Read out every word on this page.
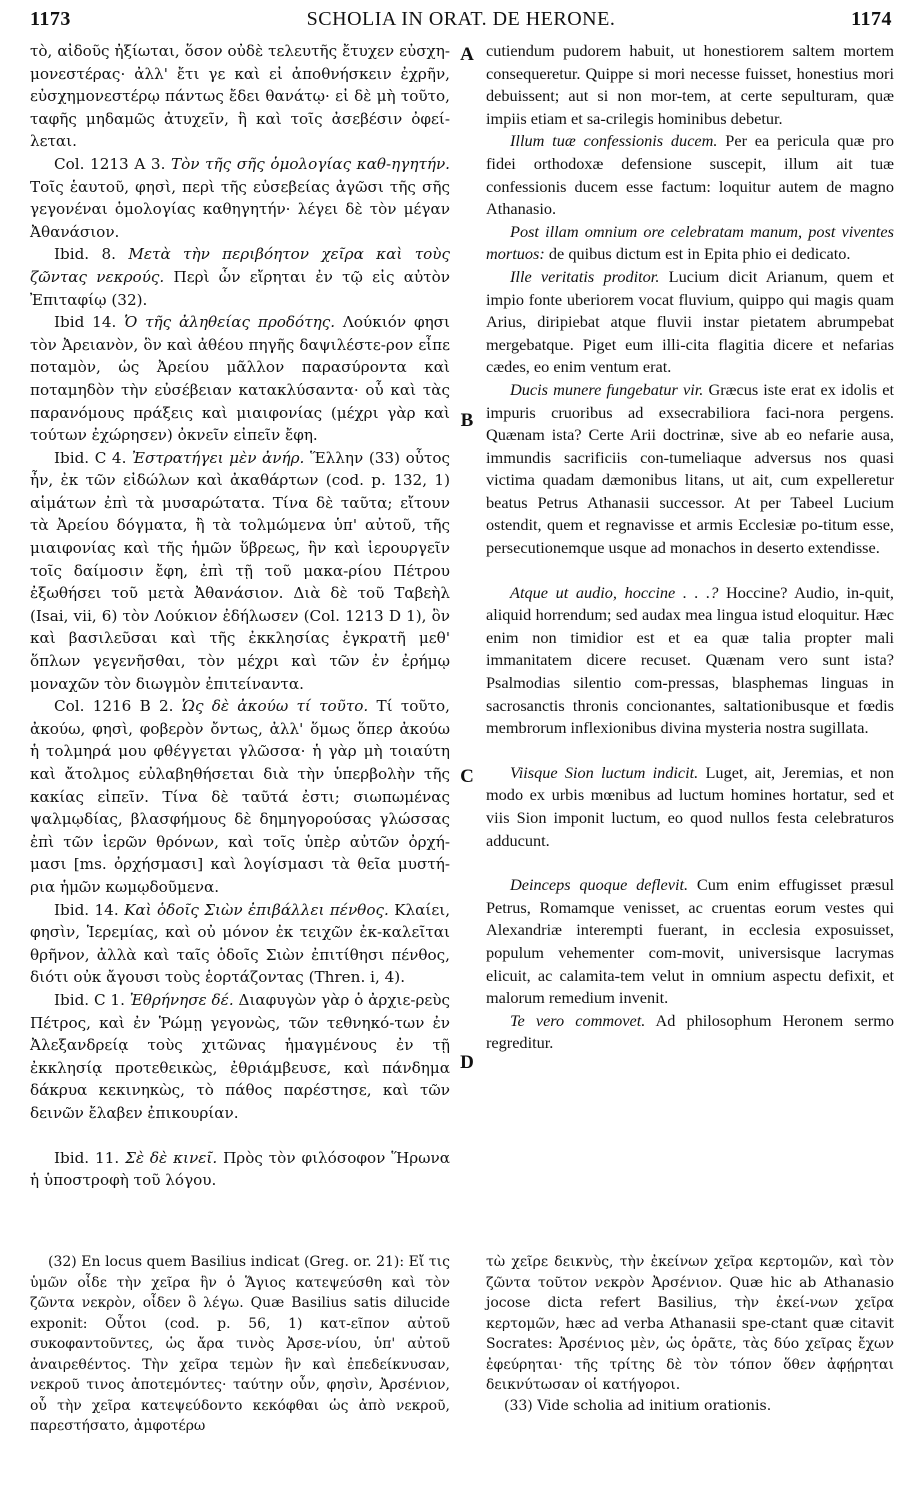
1173	SCHOLIA IN ORAT. DE HERONE.	1174
A
B
C
D

τὸ, αἰδοῦς ἠξίωται, ὅσον οὐδὲ τελευτῆς ἔτυχεν εὐσχη-μονεστέρας· ἀλλ' ἔτι γε καὶ εἰ ἀποθνήσκειν ἐχρῆν, εὐσχημονεστέρῳ πάντως ἔδει θανάτῳ· εἰ δὲ μὴ τοῦτο, ταφῆς μηδαμῶς ἀτυχεῖν, ἣ καὶ τοῖς ἀσεβέσιν ὀφεί-λεται.

Col. 1213 A 3. Τὸν τῆς σῆς ὁμολογίας καθ-ηγητήν. Τοῖς ἑαυτοῦ, φησὶ, περὶ τῆς εὐσεβείας ἀγῶσι τῆς σῆς γεγονέναι ὁμολογίας καθηγητήν· λέγει δὲ τὸν μέγαν Ἀθανάσιον.

Ibid. 8. Μετὰ τὴν περιβόητον χεῖρα καὶ τοὺς ζῶντας νεκρούς. Περὶ ὧν εἴρηται ἐν τῷ εἰς αὐτὸν Ἐπιταφίῳ (32).

Ibid 14. Ὁ τῆς ἀληθείας προδότης. Λούκιόν φησι τὸν Ἀρειανὸν, ὃν καὶ ἀθέου πηγῆς δαψιλέστε-ρον εἶπε ποταμὸν, ὡς Ἀρείου μᾶλλον παρασύροντα καὶ ποταμηδὸν τὴν εὐσέβειαν κατακλύσαντα· οὗ καὶ τὰς παρανόμους πράξεις καὶ μιαιφονίας (μέχρι γὰρ καὶ τούτων ἐχώρησεν) ὀκνεῖν εἰπεῖν ἔφη.

Ibid. C 4. Ἐστρατήγει μὲν ἀνήρ. Ἕλλην (33) οὗτος ἦν, ἐκ τῶν εἰδώλων καὶ ἀκαθάρτων (cod. p. 132, 1) αἱμάτων ἐπὶ τὰ μυσαρώτατα. Τίνα δὲ ταῦτα; εἴτουν τὰ Ἀρείου δόγματα, ἢ τὰ τολμώμενα ὑπ' αὐτοῦ, τῆς μιαιφονίας καὶ τῆς ἡμῶν ὕβρεως, ἣν καὶ ἱερουργεῖν τοῖς δαίμοσιν ἔφη, ἐπὶ τῇ τοῦ μακα-ρίου Πέτρου ἐξωθήσει τοῦ μετὰ Ἀθανάσιον. Διὰ δὲ τοῦ Ταβεὴλ (Isai, vii, 6) τὸν Λούκιον ἐδήλωσεν (Col. 1213 D 1), ὃν καὶ βασιλεῦσαι καὶ τῆς ἐκκλησίας ἐγκρατῆ μεθ' ὅπλων γεγενῆσθαι, τὸν μέχρι καὶ τῶν ἐν ἐρήμῳ μοναχῶν τὸν διωγμὸν ἐπιτείναντα.

Col. 1216 B 2. Ὡς δὲ ἀκούω τί τοῦτο. Τί τοῦτο, ἀκούω, φησὶ, φοβερὸν ὄντως, ἀλλ' ὅμως ὅπερ ἀκούω ἡ τολμηρά μου φθέγγεται γλῶσσα· ἡ γὰρ μὴ τοιαύτη καὶ ἄτολμος εὐλαβηθήσεται διὰ τὴν ὑπερβολὴν τῆς κακίας εἰπεῖν. Τίνα δὲ ταῦτά ἐστι; σιωπωμένας ψαλμῳδίας, βλασφήμους δὲ δημηγορούσας γλώσσας ἐπὶ τῶν ἱερῶν θρόνων, καὶ τοῖς ὑπὲρ αὐτῶν ὀρχή-μασι [ms. ὀρχήσμασι] καὶ λογίσμασι τὰ θεῖα μυστή-ρια ἡμῶν κωμῳδοῦμενα.

Ibid. 14. Καὶ ὁδοῖς Σιὼν ἐπιβάλλει πένθος. Κλαίει, φησὶν, Ἱερεμίας, καὶ οὐ μόνον ἐκ τειχῶν ἐκ-καλεῖται θρῆνον, ἀλλὰ καὶ ταῖς ὁδοῖς Σιὼν ἐπιτίθησι πένθος, διότι οὐκ ἄγουσι τοὺς ἑορτάζοντας (Thren. i, 4).

Ibid. C 1. Ἐθρήνησε δέ. Διαφυγὼν γὰρ ὁ ἀρχιε-ρεὺς Πέτρος, καὶ ἐν Ῥώμῃ γεγονὼς, τῶν τεθνηκό-των ἐν Ἀλεξανδρείᾳ τοὺς χιτῶνας ἡμαγμένους ἐν τῇ ἐκκλησίᾳ προτεθεικὼς, ἐθριάμβευσε, καὶ πάνδημα δάκρυα κεκινηκὼς, τὸ πάθος παρέστησε, καὶ τῶν δεινῶν ἔλαβεν ἐπικουρίαν.

Ibid. 11. Σὲ δὲ κινεῖ. Πρὸς τὸν φιλόσοφον Ἥρωνα ἡ ὑποστροφὴ τοῦ λόγου.

cutiendum pudorem habuit, ut honestiorem saltem mortem consequeretur. Quippe si mori necesse fuisset, honestius mori debuissent; aut si non mor-tem, at certe sepulturam, quæ impiis etiam et sa-crilegis hominibus debetur.

Illum tuæ confessionis ducem. Per ea pericula quæ pro fidei orthodoxæ defensione suscepit, illum ait tuæ confessionis ducem esse factum: loquitur autem de magno Athanasio.

Post illam omnium ore celebratam manum, post viventes mortuos: de quibus dictum est in Epita phio ei dedicato.

Ille veritatis proditor. Lucium dicit Arianum, quem et impio fonte uberiorem vocat fluvium, quippo qui magis quam Arius, diripiebat atque fluvii instar pietatem abrumpebat mergebatque. Piget eum illi-cita flagitia dicere et nefarias cædes, eo enim ventum erat.

Ducis munere fungebatur vir. Græcus iste erat ex idolis et impuris cruoribus ad exsecrabiliora faci-nora pergens. Quænam ista? Certe Arii doctrinæ, sive ab eo nefarie ausa, immundis sacrificiis con-tumeliaque adversus nos quasi victima quadam dæmonibus litans, ut ait, cum expelleretur beatus Petrus Athanasii successor. At per Tabeel Lucium ostendit, quem et regnavisse et armis Ecclesiæ po-titum esse, persecutionemque usque ad monachos in deserto extendisse.

Atque ut audio, hoccine . . .? Hoccine? Audio, in-quit, aliquid horrendum; sed audax mea lingua istud eloquitur. Hæc enim non timidior est et ea quæ talia propter mali immanitatem dicere recuset. Quænam vero sunt ista? Psalmodias silentio com-pressas, blasphemas linguas in sacrosanctis thronis concionantes, saltationibusque et fœdis membrorum inflexionibus divina mysteria nostra sugillata.

Viisque Sion luctum indicit. Luget, ait, Jeremias, et non modo ex urbis mœnibus ad luctum homines hortatur, sed et viis Sion imponit luctum, eo quod nullos festa celebraturos adducunt.

Deinceps quoque deflevit. Cum enim effugisset præsul Petrus, Romamque venisset, ac cruentas eorum vestes qui Alexandriæ interempti fuerant, in ecclesia exposuisset, populum vehementer com-movit, universisque lacrymas elicuit, ac calamita-tem velut in omnium aspectu defixit, et malorum remedium invenit.

Te vero commovet. Ad philosophum Heronem sermo regreditur.

(32) En locus quem Basilius indicat (Greg. or. 21): Εἴ τις ὑμῶν οἶδε τὴν χεῖρα ἣν ὁ Ἅγιος κατεψεύσθη καὶ τὸν ζῶντα νεκρὸν, οἶδεν ὃ λέγω. Quæ Basilius satis dilucide exponit: Οὗτοι (cod. p. 56, 1) κατ-εῖπον αὐτοῦ συκοφαντοῦντες, ὡς ἄρα τινὸς Ἀρσε-νίου, ὑπ' αὐτοῦ ἀναιρεθέντος. Τὴν χεῖρα τεμὼν ἣν καὶ ἐπεδείκνυσαν, νεκροῦ τινος ἀποτεμόντες· ταύτην οὖν, φησὶν, Ἀρσένιον, οὗ τὴν χεῖρα κατεψεύδοντο κεκόφθαι ὡς ἀπὸ νεκροῦ, παρεστήσατο, ἀμφοτέρω

τὼ χεῖρε δεικνὺς, τὴν ἐκείνων χεῖρα κερτομῶν, καὶ τὸν ζῶντα τοῦτον νεκρὸν Ἀρσένιον. Quæ hic ab Athanasio jocose dicta refert Basilius, τὴν ἐκεί-νων χεῖρα κερτομῶν, hæc ad verba Athanasii spe-ctant quæ citavit Socrates: Ἀρσένιος μὲν, ὡς ὁρᾶτε, τὰς δύο χεῖρας ἔχων ἐφεύρηται· τῆς τρίτης δὲ τὸν τόπον ὅθεν ἀφῄρηται δεικνύτωσαν οἱ κατήγοροι.

(33) Vide scholia ad initium orationis.
